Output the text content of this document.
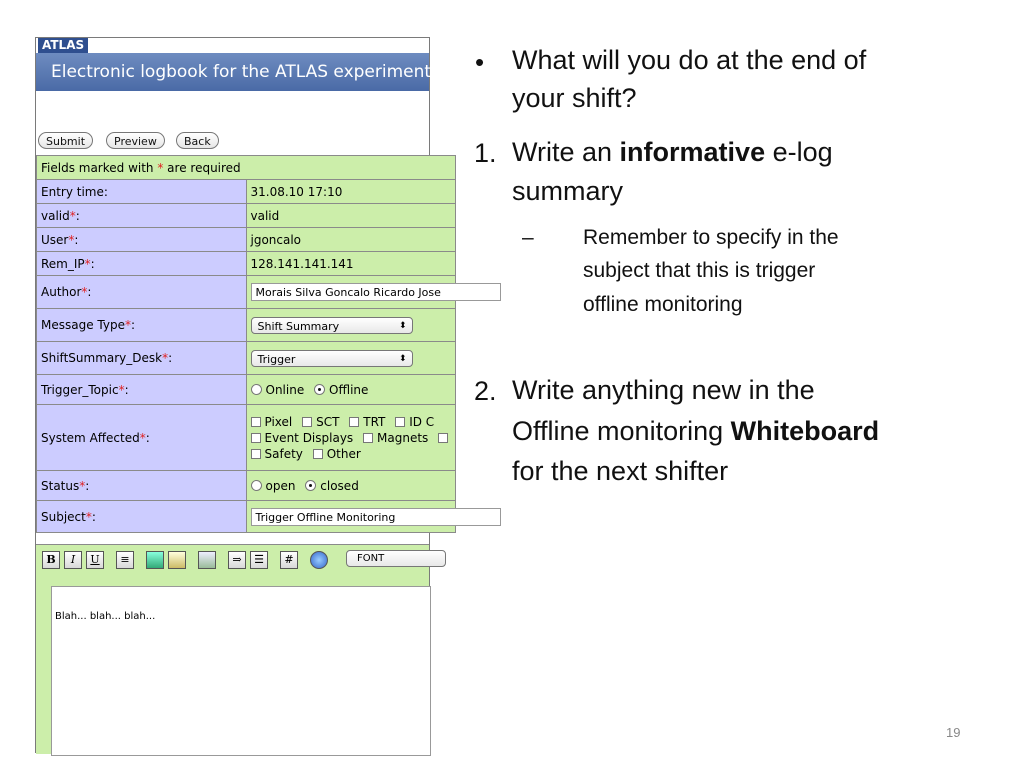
ATLAS
Electronic logbook for the ATLAS experiment
Submit	Preview	Back
Fields marked with * are required	
Entry time:	31.08.10 17:10
valid*:	valid
User*:	jgoncalo
Rem_IP*:	128.141.141.141
Author*:	Morais Silva Goncalo Ricardo Jose
Message Type*:	Shift Summary ⬍

ShiftSummary_Desk*:	Trigger ⬍

Trigger_Topic*:	Online Offline
System Affected*:	Pixel SCT TRT ID C
Event Displays Magnets
Safety Other

Status*:	open closed
Subject*:	Trigger Offline Monitoring
B	I	U	≡	⇒	☰	#	FONT
Blah... blah... blah...
• What will you do at the end of
your shift?
1. Write an informative e-log
summary
– Remember to specify in the
subject that this is trigger
offline monitoring
2. Write anything new in the
Offline monitoring Whiteboard
for the next shifter
19
